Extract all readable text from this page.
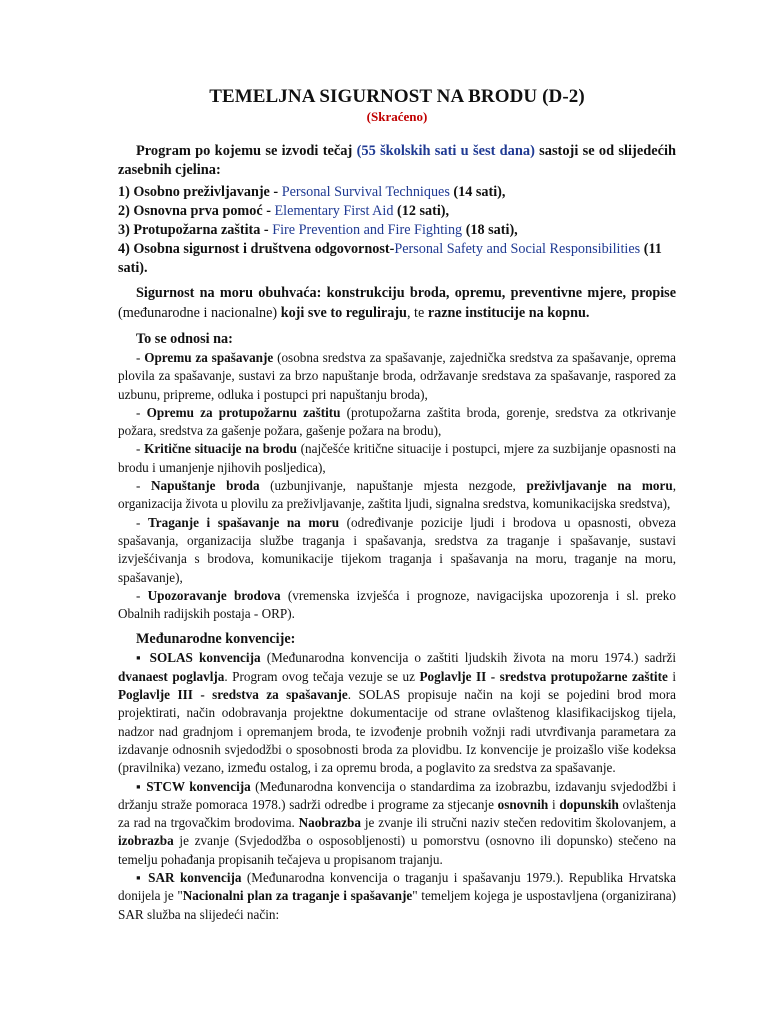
TEMELJNA SIGURNOST NA BRODU (D-2)

(Skraćeno)

Program po kojemu se izvodi tečaj (55 školskih sati u šest dana) sastoji se od slijedećih zasebnih cjelina:

1) Osobno preživljavanje - Personal Survival Techniques (14 sati),

2) Osnovna prva pomoć - Elementary First Aid (12 sati),

3) Protupožarna zaštita - Fire Prevention and Fire Fighting (18 sati),

4) Osobna sigurnost i društvena odgovornost-Personal Safety and Social Responsibilities (11 sati).

Sigurnost na moru obuhvaća: konstrukciju broda, opremu, preventivne mjere, propise (međunarodne i nacionalne) koji sve to reguliraju, te razne institucije na kopnu.

To se odnosi na:

- Opremu za spašavanje (osobna sredstva za spašavanje, zajednička sredstva za spašavanje, oprema plovila za spašavanje, sustavi za brzo napuštanje broda, održavanje sredstava za spašavanje, raspored za uzbunu, pripreme, odluka i postupci pri napuštanju broda),

- Opremu za protupožarnu zaštitu (protupožarna zaštita broda, gorenje, sredstva za otkrivanje požara, sredstva za gašenje požara, gašenje požara na brodu),

- Kritične situacije na brodu (najčešće kritične situacije i postupci, mjere za suzbijanje opasnosti na brodu i umanjenje njihovih posljedica),

- Napuštanje broda (uzbunjivanje, napuštanje mjesta nezgode, preživljavanje na moru, organizacija života u plovilu za preživljavanje, zaštita ljudi, signalna sredstva, komunikacijska sredstva),

- Traganje i spašavanje na moru (određivanje pozicije ljudi i brodova u opasnosti, obveza spašavanja, organizacija službe traganja i spašavanja, sredstva za traganje i spašavanje, sustavi izvješćivanja s brodova, komunikacije tijekom traganja i spašavanja na moru, traganje na moru, spašavanje),

- Upozoravanje brodova (vremenska izvješća i prognoze, navigacijska upozorenja i sl. preko Obalnih radijskih postaja - ORP).

Međunarodne konvencije:

▪ SOLAS konvencija (Međunarodna konvencija o zaštiti ljudskih života na moru 1974.) sadrži dvanaest poglavlja. Program ovog tečaja vezuje se uz Poglavlje II - sredstva protupožarne zaštite i Poglavlje III - sredstva za spašavanje. SOLAS propisuje način na koji se pojedini brod mora projektirati, način odobravanja projektne dokumentacije od strane ovlaštenog klasifikacijskog tijela, nadzor nad gradnjom i opremanjem broda, te izvođenje probnih vožnji radi utvrđivanja parametara za izdavanje odnosnih svjedodžbi o sposobnosti broda za plovidbu. Iz konvencije je proizašlo više kodeksa (pravilnika) vezano, između ostalog, i za opremu broda, a poglavito za sredstva za spašavanje.

▪ STCW konvencija (Međunarodna konvencija o standardima za izobrazbu, izdavanju svjedodžbi i držanju straže pomoraca 1978.) sadrži odredbe i programe za stjecanje osnovnih i dopunskih ovlaštenja za rad na trgovačkim brodovima. Naobrazba je zvanje ili stručni naziv stečen redovitim školovanjem, a izobrazba je zvanje (Svjedodžba o osposobljenosti) u pomorstvu (osnovno ili dopunsko) stečeno na temelju pohađanja propisanih tečajeva u propisanom trajanju.

▪ SAR konvencija (Međunarodna konvencija o traganju i spašavanju 1979.). Republika Hrvatska donijela je "Nacionalni plan za traganje i spašavanje" temeljem kojega je uspostavljena (organizirana) SAR služba na slijedeći način:
